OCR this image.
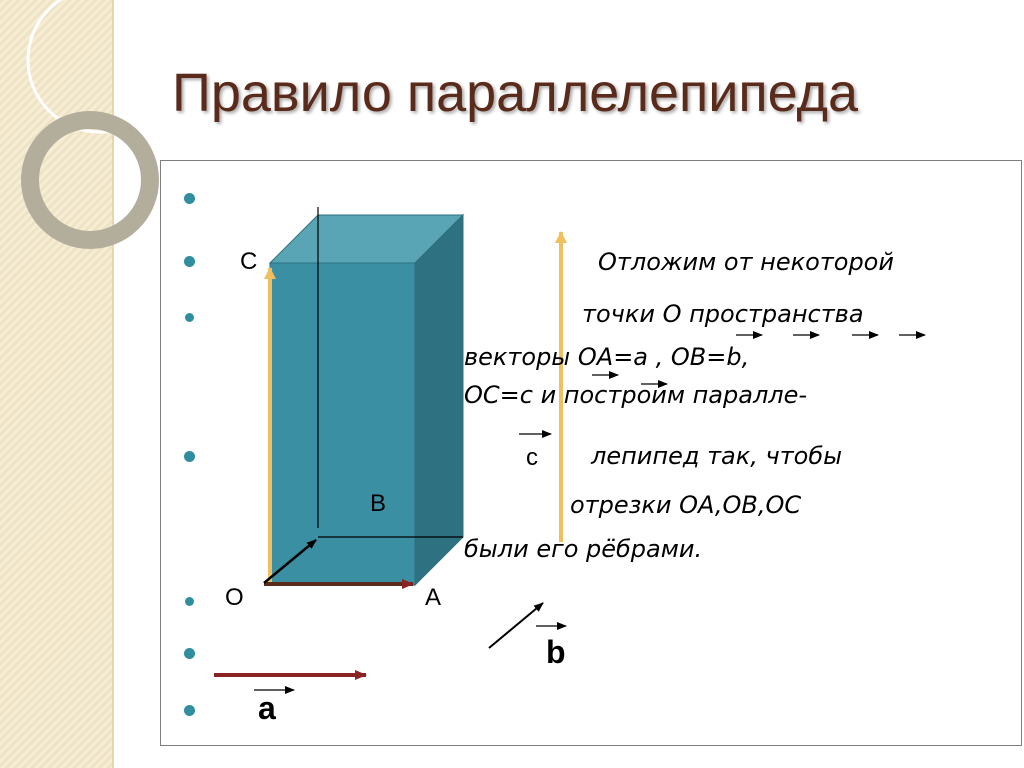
Правило параллелепипеда
Отложим от некоторой
точки O пространства
векторы OA=a , OB=b,
OC=c и построим паралле-
лепипед так, чтобы
отрезки OA,OB,OC
были его рёбрами.
C
c
B
O	A
b
a
